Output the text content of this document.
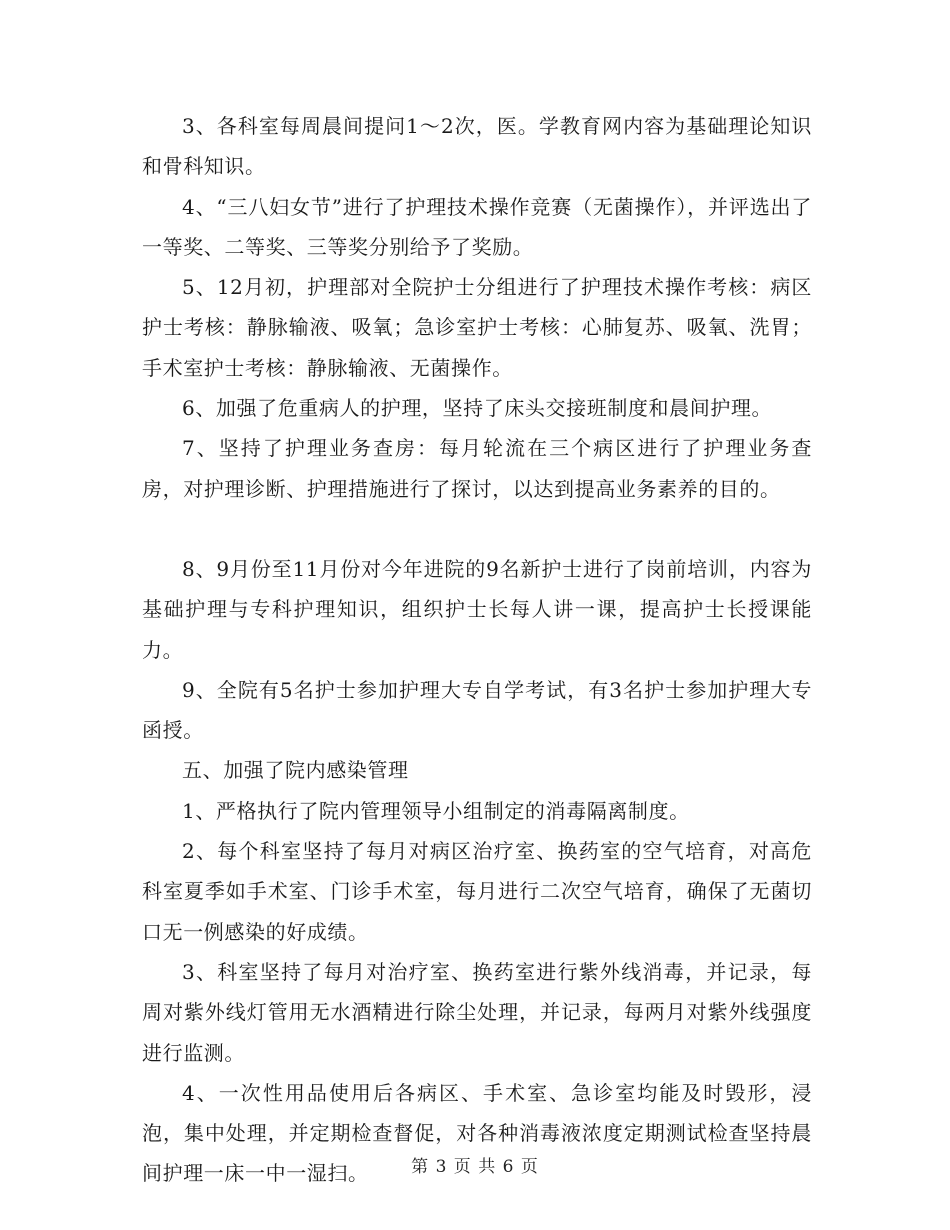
3、各科室每周晨间提问1～2次，医。学教育网内容为基础理论知识和骨科知识。

4、“三八妇女节”进行了护理技术操作竞赛（无菌操作），并评选出了一等奖、二等奖、三等奖分别给予了奖励。

5、12月初，护理部对全院护士分组进行了护理技术操作考核：病区护士考核：静脉输液、吸氧；急诊室护士考核：心肺复苏、吸氧、洗胃；手术室护士考核：静脉输液、无菌操作。

6、加强了危重病人的护理，坚持了床头交接班制度和晨间护理。

7、坚持了护理业务查房：每月轮流在三个病区进行了护理业务查房，对护理诊断、护理措施进行了探讨，以达到提高业务素养的目的。

8、9月份至11月份对今年进院的9名新护士进行了岗前培训，内容为基础护理与专科护理知识，组织护士长每人讲一课，提高护士长授课能力。

9、全院有5名护士参加护理大专自学考试，有3名护士参加护理大专函授。

五、加强了院内感染管理

1、严格执行了院内管理领导小组制定的消毒隔离制度。

2、每个科室坚持了每月对病区治疗室、换药室的空气培育，对高危科室夏季如手术室、门诊手术室，每月进行二次空气培育，确保了无菌切口无一例感染的好成绩。

3、科室坚持了每月对治疗室、换药室进行紫外线消毒，并记录，每周对紫外线灯管用无水酒精进行除尘处理，并记录，每两月对紫外线强度进行监测。

4、一次性用品使用后各病区、手术室、急诊室均能及时毁形，浸泡，集中处理，并定期检查督促，对各种消毒液浓度定期测试检查坚持晨间护理一床一中一湿扫。	第 3 页 共 6 页
